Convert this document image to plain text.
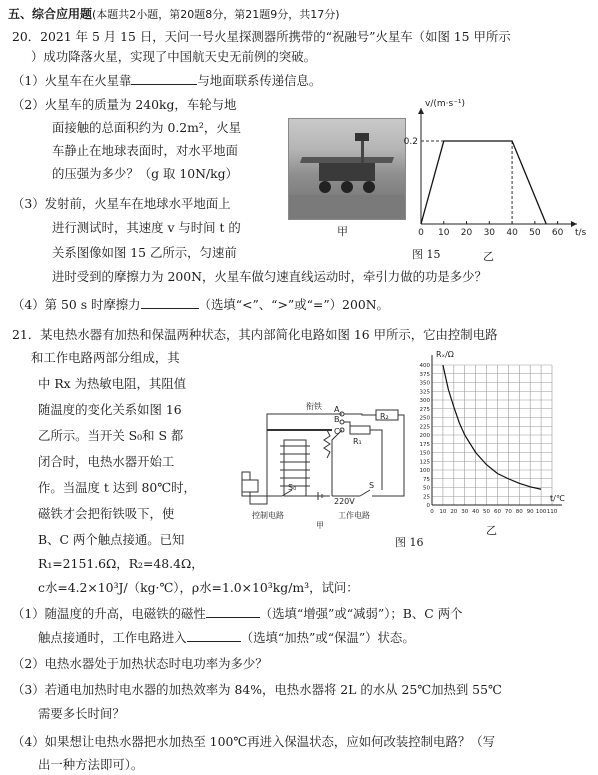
五、综合应用题(本题共2小题，第20题8分，第21题9分，共17分)
20．2021 年 5 月 15 日，天问一号火星探测器所携带的“祝融号”火星车（如图 15 甲所示
）成功降落火星，实现了中国航天史无前例的突破。
（1）火星车在火星靠	与地面联系传递信息。
（2）火星车的质量为 240kg，车轮与地
面接触的总面积约为 0.2m²，火星
车静止在地球表面时，对水平地面
的压强为多少？（g 取 10N/kg）
（3）发射前，火星车在地球水平地面上
进行测试时，其速度 v 与时间 t 的
关系图像如图 15 乙所示，匀速前
进时受到的摩擦力为 200N，火星车做匀速直线运动时，牵引力做的功是多少？
（4）第 50 s 时摩擦力	（选填“<”、“>”或“=”）200N。
甲	0 10 20 30 40 50 60
0.2
v/(m·s⁻¹)
t/s
乙
图 15
21．某电热水器有加热和保温两种状态，其内部简化电路如图 16 甲所示，它由控制电路
和工作电路两部分组成，其
中 Rx 为热敏电阻，其阻值
随温度的变化关系如图 16
乙所示。当开关 S₀和 S 都
闭合时，电热水器开始工
作。当温度 t 达到 80℃时，
磁铁才会把衔铁吸下，使
B、C 两个触点接通。已知
R₁=2151.6Ω，R₂=48.4Ω，
c水=4.2×10³J/（kg·℃），ρ水=1.0×10³kg/m³，试问：
（1）随温度的升高，电磁铁的磁性	（选填“增强”或“减弱”）；B、C 两个
触点接通时，工作电路进入	（选填“加热”或“保温”）状态。
（2）电热水器处于加热状态时电功率为多少？
（3）若通电加热时电水器的加热效率为 84%，电热水器将 2L 的水从 25℃加热到 55℃
需要多长时间？
（4）如果想让电热水器把水加热至 100℃再进入保温状态，应如何改装控制电路？（写
出一种方法即可）。
衔铁 A
B
C
R₂
R₁
S₀	S
220V
控制电路	工作电路
甲
图 16
0
25
50
75
100
125
150
175
200
225
250
275
300
325
350
375
400
0 10 20 30 40 50 60 70 80 90 100 110
Rₓ/Ω
t/℃
乙
